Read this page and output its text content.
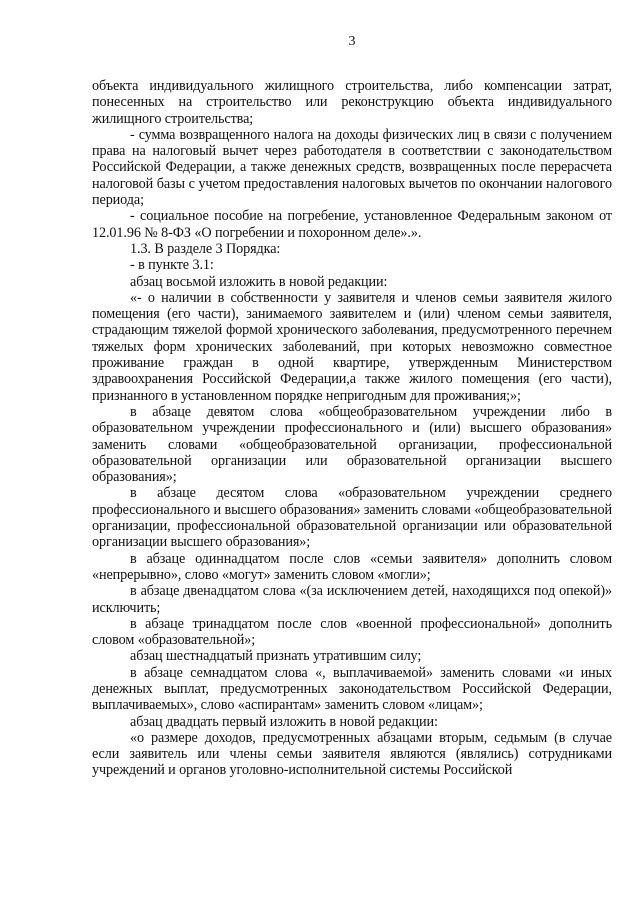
3

объекта индивидуального жилищного строительства, либо компенсации затрат, понесенных на строительство или реконструкцию объекта индивидуального жилищного строительства;

- сумма возвращенного налога на доходы физических лиц в связи с получением права на налоговый вычет через работодателя в соответствии с законодательством Российской Федерации, а также денежных средств, возвращенных после перерасчета налоговой базы с учетом предоставления налоговых вычетов по окончании налогового периода;

- социальное пособие на погребение, установленное Федеральным законом от 12.01.96 № 8-ФЗ «О погребении и похоронном деле».».

1.3. В разделе 3 Порядка:

- в пункте 3.1:

абзац восьмой изложить в новой редакции:

«- о наличии в собственности у заявителя и членов семьи заявителя жилого помещения (его части), занимаемого заявителем и (или) членом семьи заявителя, страдающим тяжелой формой хронического заболевания, предусмотренного перечнем тяжелых форм хронических заболеваний, при которых невозможно совместное проживание граждан в одной квартире, утвержденным Министерством здравоохранения Российской Федерации,а также жилого помещения (его части), признанного в установленном порядке непригодным для проживания;»;

в абзаце девятом слова «общеобразовательном учреждении либо в образовательном учреждении профессионального и (или) высшего образования» заменить словами «общеобразовательной организации, профессиональной образовательной организации или образовательной организации высшего образования»;

в абзаце десятом слова «образовательном учреждении среднего профессионального и высшего образования» заменить словами «общеобразовательной организации, профессиональной образовательной организации или образовательной организации высшего образования»;

в абзаце одиннадцатом после слов «семьи заявителя» дополнить словом «непрерывно», слово «могут» заменить словом «могли»;

в абзаце двенадцатом слова «(за исключением детей, находящихся под опекой)» исключить;

в абзаце тринадцатом после слов «военной профессиональной» дополнить словом «образовательной»;

абзац шестнадцатый признать утратившим силу;

в абзаце семнадцатом слова «, выплачиваемой» заменить словами «и иных денежных выплат, предусмотренных законодательством Российской Федерации, выплачиваемых», слово «аспирантам» заменить словом «лицам»;

абзац двадцать первый изложить в новой редакции:

«о размере доходов, предусмотренных абзацами вторым, седьмым (в случае если заявитель или члены семьи заявителя являются (являлись) сотрудниками учреждений и органов уголовно-исполнительной системы Российской
